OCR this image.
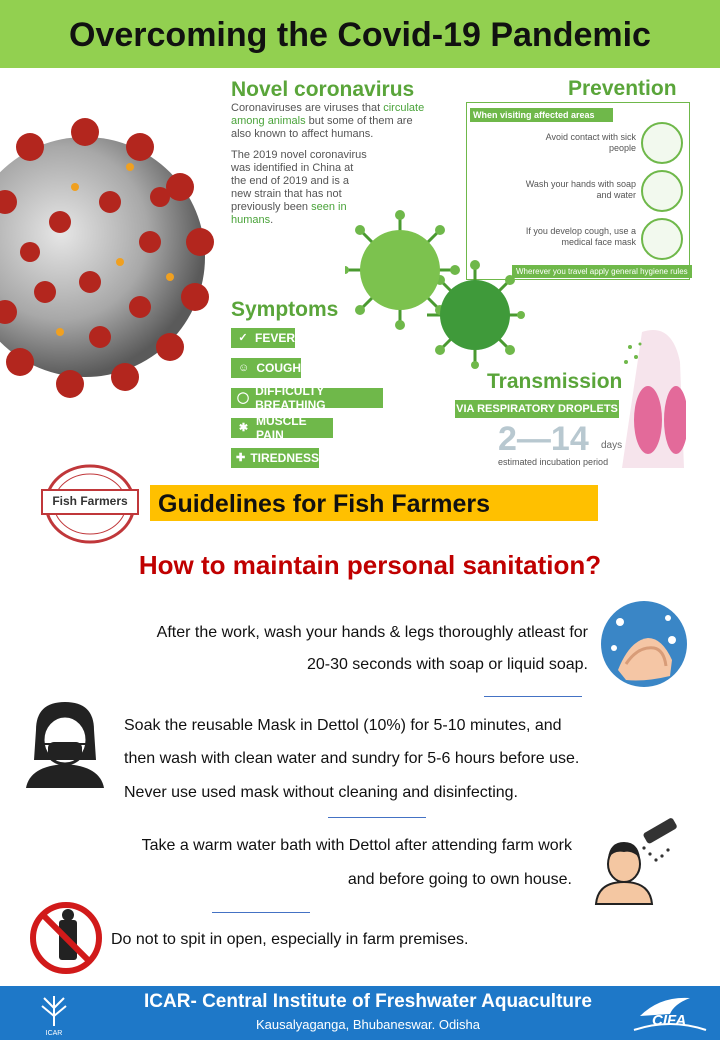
Overcoming the Covid-19 Pandemic
Novel coronavirus
Coronaviruses are viruses that circulate among animals but some of them are also known to affect humans.
The 2019 novel coronavirus was identified in China at the end of 2019 and is a new strain that has not previously been seen in humans.
Prevention
When visiting affected areas
Avoid contact with sick people
Wash your hands with soap and water
If you develop cough, use a medical face mask
Wherever you travel apply general hygiene rules
Symptoms
✓ FEVER
☺ COUGH
◯ DIFFICULTY BREATHING
✱ MUSCLE PAIN
✚ TIREDNESS
Transmission
VIA RESPIRATORY DROPLETS
2—14 days
estimated incubation period
Fish Farmers	Guidelines for Fish Farmers
How to maintain personal sanitation?
After the work, wash your hands & legs thoroughly atleast for
20-30 seconds with soap or liquid soap.
Soak the reusable Mask in Dettol (10%) for 5-10 minutes, and
then wash with clean water and sundry for 5-6 hours before use.
Never use used mask without cleaning and disinfecting.
Take a warm water bath with Dettol after attending farm work
and before going to own house.
Do not to spit in open, especially in farm premises.
ICAR
ICAR- Central Institute of Freshwater Aquaculture
Kausalyaganga, Bhubaneswar. Odisha	CIFA
